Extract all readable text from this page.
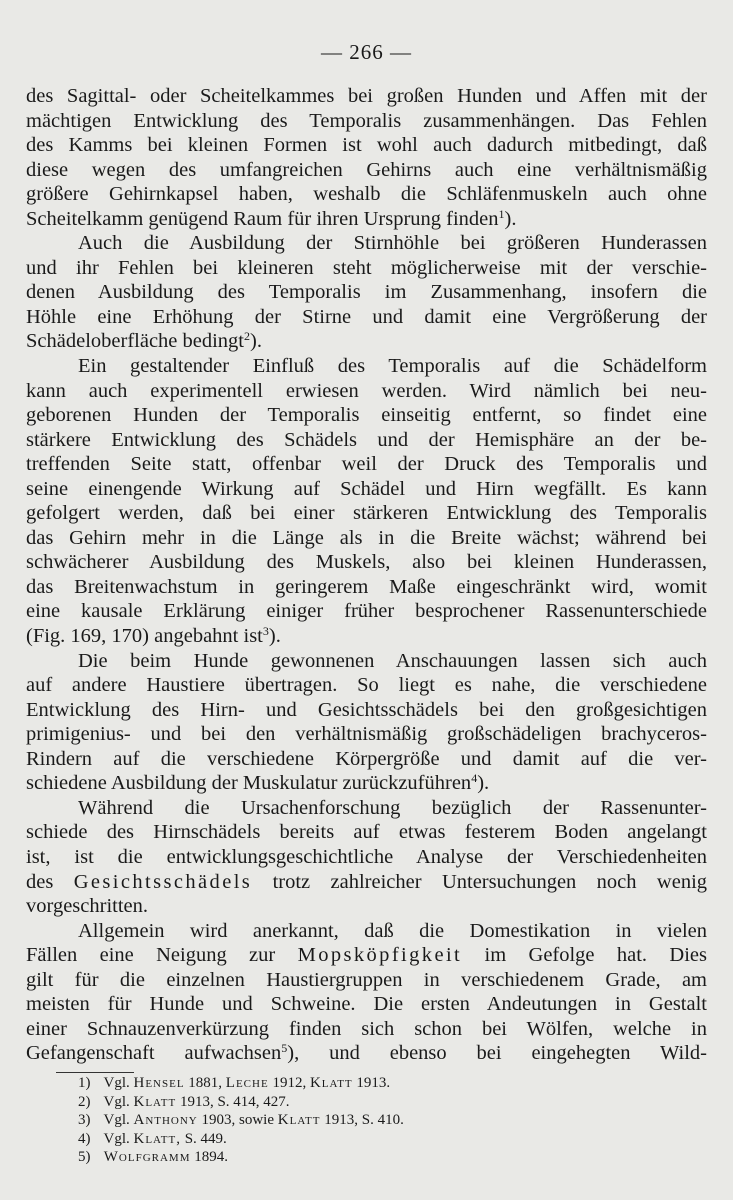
— 266 —
des Sagittal- oder Scheitelkammes bei großen Hunden und Affen mit der
mächtigen Entwicklung des Temporalis zusammenhängen. Das Fehlen
des Kamms bei kleinen Formen ist wohl auch dadurch mitbedingt, daß
diese wegen des umfangreichen Gehirns auch eine verhältnismäßig
größere Gehirnkapsel haben, weshalb die Schläfenmuskeln auch ohne
Scheitelkamm genügend Raum für ihren Ursprung finden$^1$).
Auch die Ausbildung der Stirnhöhle bei größeren Hunderassen
und ihr Fehlen bei kleineren steht möglicherweise mit der verschie-
denen Ausbildung des Temporalis im Zusammenhang, insofern die
Höhle eine Erhöhung der Stirne und damit eine Vergrößerung der
Schädeloberfläche bedingt$^2$).
Ein gestaltender Einfluß des Temporalis auf die Schädelform
kann auch experimentell erwiesen werden. Wird nämlich bei neu-
geborenen Hunden der Temporalis einseitig entfernt, so findet eine
stärkere Entwicklung des Schädels und der Hemisphäre an der be-
treffenden Seite statt, offenbar weil der Druck des Temporalis und
seine einengende Wirkung auf Schädel und Hirn wegfällt. Es kann
gefolgert werden, daß bei einer stärkeren Entwicklung des Temporalis
das Gehirn mehr in die Länge als in die Breite wächst; während bei
schwächerer Ausbildung des Muskels, also bei kleinen Hunderassen,
das Breitenwachstum in geringerem Maße eingeschränkt wird, womit
eine kausale Erklärung einiger früher besprochener Rassenunterschiede
(Fig. 169, 170) angebahnt ist$^3$).
Die beim Hunde gewonnenen Anschauungen lassen sich auch
auf andere Haustiere übertragen. So liegt es nahe, die verschiedene
Entwicklung des Hirn- und Gesichtsschädels bei den großgesichtigen
primigenius- und bei den verhältnismäßig großschädeligen brachyceros-
Rindern auf die verschiedene Körpergröße und damit auf die ver-
schiedene Ausbildung der Muskulatur zurückzuführen$^4$).
Während die Ursachenforschung bezüglich der Rassenunter-
schiede des Hirnschädels bereits auf etwas festerem Boden angelangt
ist, ist die entwicklungsgeschichtliche Analyse der Verschiedenheiten
des Gesichtsschädels trotz zahlreicher Untersuchungen noch wenig
vorgeschritten.
Allgemein wird anerkannt, daß die Domestikation in vielen
Fällen eine Neigung zur Mopsköpfigkeit im Gefolge hat. Dies
gilt für die einzelnen Haustiergruppen in verschiedenem Grade, am
meisten für Hunde und Schweine. Die ersten Andeutungen in Gestalt
einer Schnauzenverkürzung finden sich schon bei Wölfen, welche in
Gefangenschaft aufwachsen$^5$), und ebenso bei eingehegten Wild-
1) Vgl. Hensel 1881, Leche 1912, Klatt 1913.
2) Vgl. Klatt 1913, S. 414, 427.
3) Vgl. Anthony 1903, sowie Klatt 1913, S. 410.
4) Vgl. Klatt, S. 449.
5) Wolfgramm 1894.
